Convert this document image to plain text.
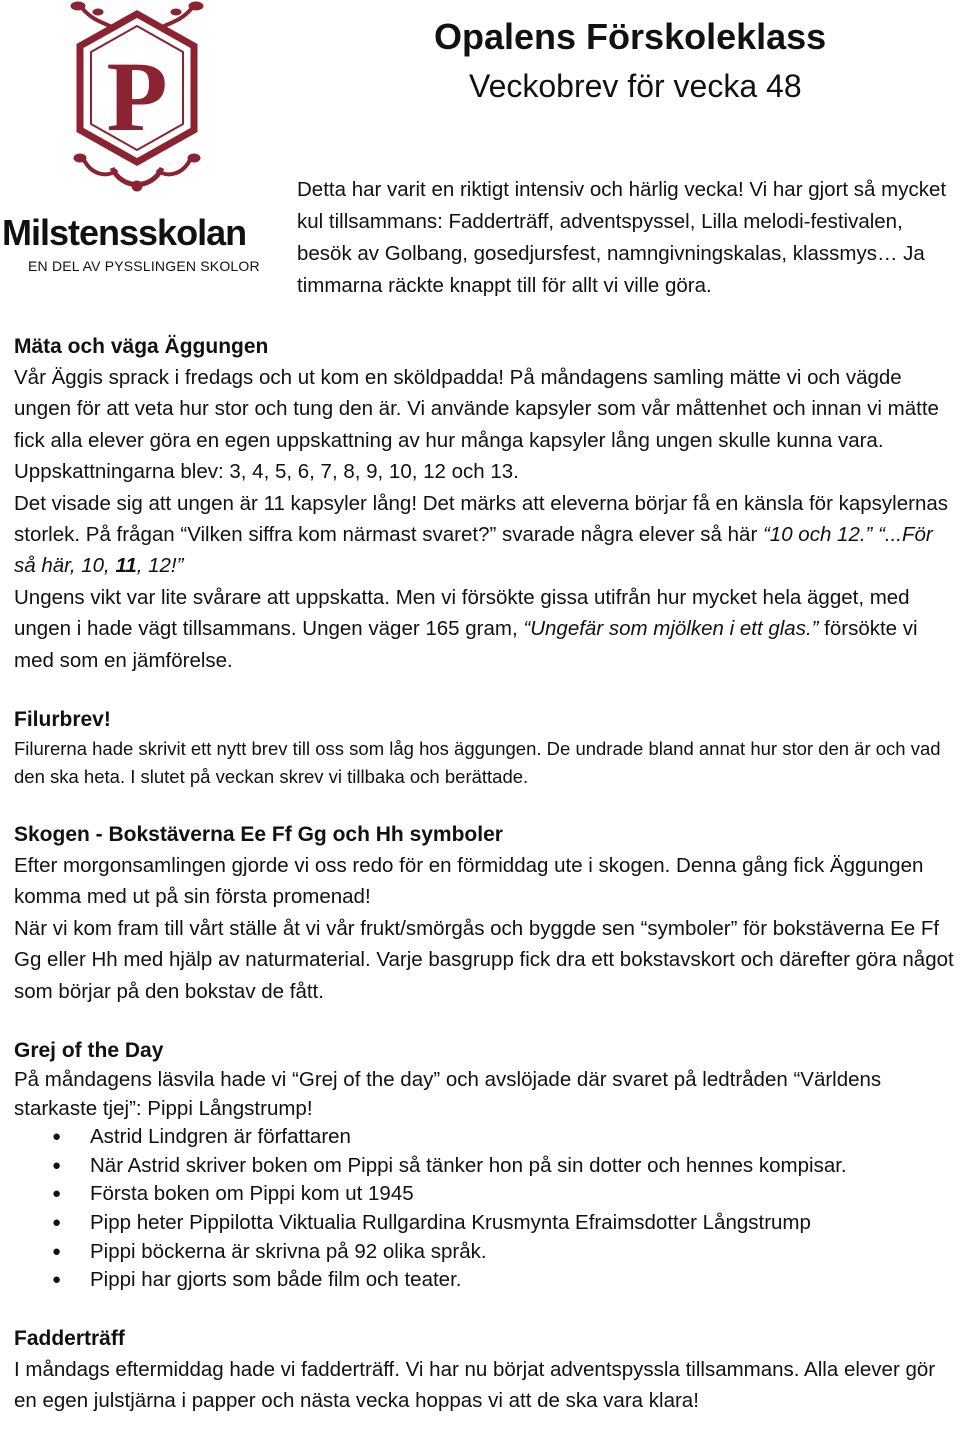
P
Milstensskolan
EN DEL AV PYSSLINGEN SKOLOR
Opalens Förskoleklass
Veckobrev för vecka 48
Detta har varit en riktigt intensiv och härlig vecka! Vi har gjort så mycket kul tillsammans: Fadderträff, adventspyssel, Lilla melodi-festivalen, besök av Golbang, gosedjursfest, namngivningskalas, klassmys… Ja timmarna räckte knappt till för allt vi ville göra.
Mäta och väga Äggungen

Vår Äggis sprack i fredags och ut kom en sköldpadda! På måndagens samling mätte vi och vägde ungen för att veta hur stor och tung den är. Vi använde kapsyler som vår måttenhet och innan vi mätte fick alla elever göra en egen uppskattning av hur många kapsyler lång ungen skulle kunna vara. Uppskattningarna blev: 3, 4, 5, 6, 7, 8, 9, 10, 12 och 13.

Det visade sig att ungen är 11 kapsyler lång! Det märks att eleverna börjar få en känsla för kapsylernas storlek. På frågan “Vilken siffra kom närmast svaret?” svarade några elever så här “10 och 12.” “...För så här, 10, 11, 12!”

Ungens vikt var lite svårare att uppskatta. Men vi försökte gissa utifrån hur mycket hela ägget, med ungen i hade vägt tillsammans. Ungen väger 165 gram, “Ungefär som mjölken i ett glas.” försökte vi med som en jämförelse.

Filurbrev!

Filurerna hade skrivit ett nytt brev till oss som låg hos äggungen. De undrade bland annat hur stor den är och vad den ska heta. I slutet på veckan skrev vi tillbaka och berättade.

Skogen - Bokstäverna Ee Ff Gg och Hh symboler

Efter morgonsamlingen gjorde vi oss redo för en förmiddag ute i skogen. Denna gång fick Äggungen komma med ut på sin första promenad!

När vi kom fram till vårt ställe åt vi vår frukt/smörgås och byggde sen “symboler” för bokstäverna Ee Ff Gg eller Hh med hjälp av naturmaterial. Varje basgrupp fick dra ett bokstavskort och därefter göra något som börjar på den bokstav de fått.

Grej of the Day

På måndagens läsvila hade vi “Grej of the day” och avslöjade där svaret på ledtråden “Världens starkaste tjej”: Pippi Långstrump!

● Astrid Lindgren är författaren
● När Astrid skriver boken om Pippi så tänker hon på sin dotter och hennes kompisar.
● Första boken om Pippi kom ut 1945
● Pipp heter Pippilotta Viktualia Rullgardina Krusmynta Efraimsdotter Långstrump
● Pippi böckerna är skrivna på 92 olika språk.
● Pippi har gjorts som både film och teater.
Fadderträff

I måndags eftermiddag hade vi fadderträff. Vi har nu börjat adventspyssla tillsammans. Alla elever gör en egen julstjärna i papper och nästa vecka hoppas vi att de ska vara klara!
